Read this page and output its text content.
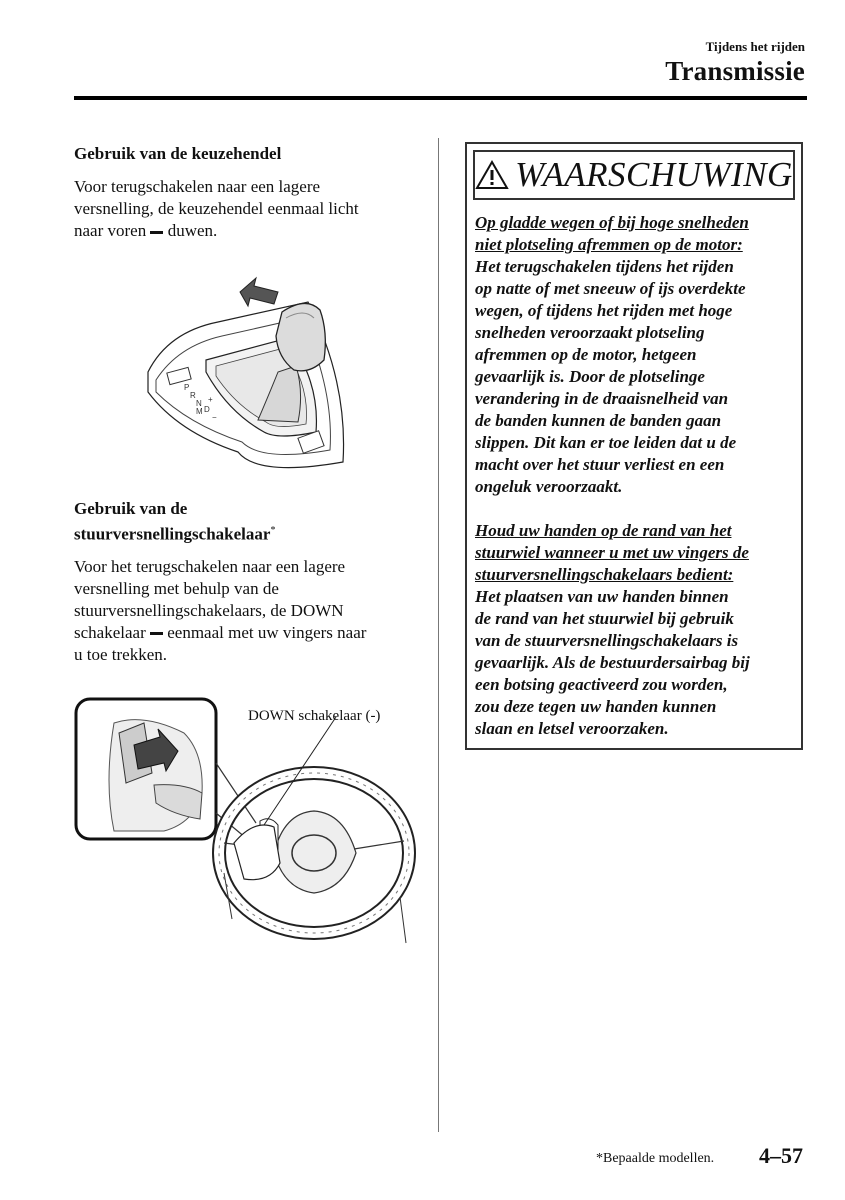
Tijdens het rijden
Transmissie

Gebruik van de keuzehendel

Voor terugschakelen naar een lagere

versnelling, de keuzehendel eenmaal licht

naar voren  duwen.

P
R
N
D
M
+
−

Gebruik van de

stuurversnellingschakelaar*

Voor het terugschakelen naar een lagere

versnelling met behulp van de

stuurversnellingschakelaars, de DOWN

schakelaar  eenmaal met uw vingers naar

u toe trekken.

DOWN schakelaar (-)
WAARSCHUWING

Op gladde wegen of bij hoge snelheden
niet plotseling afremmen op de motor:
Het terugschakelen tijdens het rijden
op natte of met sneeuw of ijs overdekte
wegen, of tijdens het rijden met hoge
snelheden veroorzaakt plotseling
afremmen op de motor, hetgeen
gevaarlijk is. Door de plotselinge
verandering in de draaisnelheid van
de banden kunnen de banden gaan
slippen. Dit kan er toe leiden dat u de
macht over het stuur verliest en een
ongeluk veroorzaakt.

Houd uw handen op de rand van het
stuurwiel wanneer u met uw vingers de
stuurversnellingschakelaars bedient:
Het plaatsen van uw handen binnen
de rand van het stuurwiel bij gebruik
van de stuurversnellingschakelaars is
gevaarlijk. Als de bestuurdersairbag bij
een botsing geactiveerd zou worden,
zou deze tegen uw handen kunnen
slaan en letsel veroorzaken.

*Bepaalde modellen. 4–57
